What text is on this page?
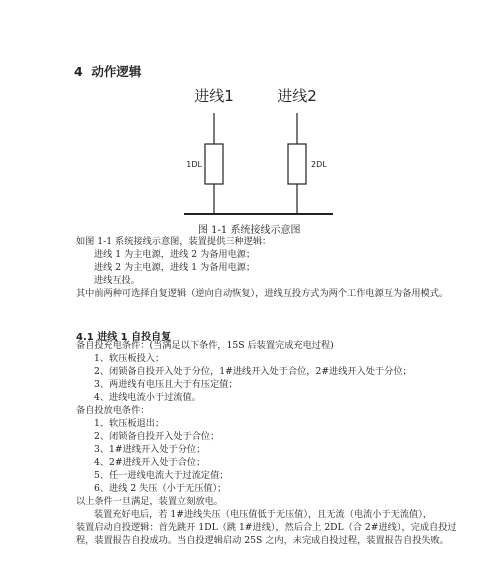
4 动作逻辑
进线1	进线2
1DL	2DL
图 1-1 系统接线示意图
如图 1-1 系统接线示意图，装置提供三种逻辑：
进线 1 为主电源，进线 2 为备用电源；
进线 2 为主电源，进线 1 为备用电源；
进线互投。
其中前两种可选择自复逻辑（逆向自动恢复），进线互投方式为两个工作电源互为备用模式。
4.1 进线 1 自投自复
备自投充电条件：(当满足以下条件，15S 后装置完成充电过程)
1、软压板投入；
2、闭锁备自投开入处于分位，1#进线开入处于合位，2#进线开入处于分位；
3、两进线有电压且大于有压定值；
4、进线电流小于过流值。
备自投放电条件：
1、软压板退出；
2、闭锁备自投开入处于合位；
3、1#进线开入处于分位；
4、2#进线开入处于合位；
5、任一进线电流大于过流定值；
6、进线 2 失压（小于无压值）；
以上条件一旦满足，装置立刻放电。
装置充好电后，若 1#进线失压（电压值低于无压值），且无流（电流小于无流值），
装置启动自投逻辑：首先跳开 1DL（跳 1#进线），然后合上 2DL（合 2#进线），完成自投过
程，装置报告自投成功。当自投逻辑启动 25S 之内，未完成自投过程，装置报告自投失败。
